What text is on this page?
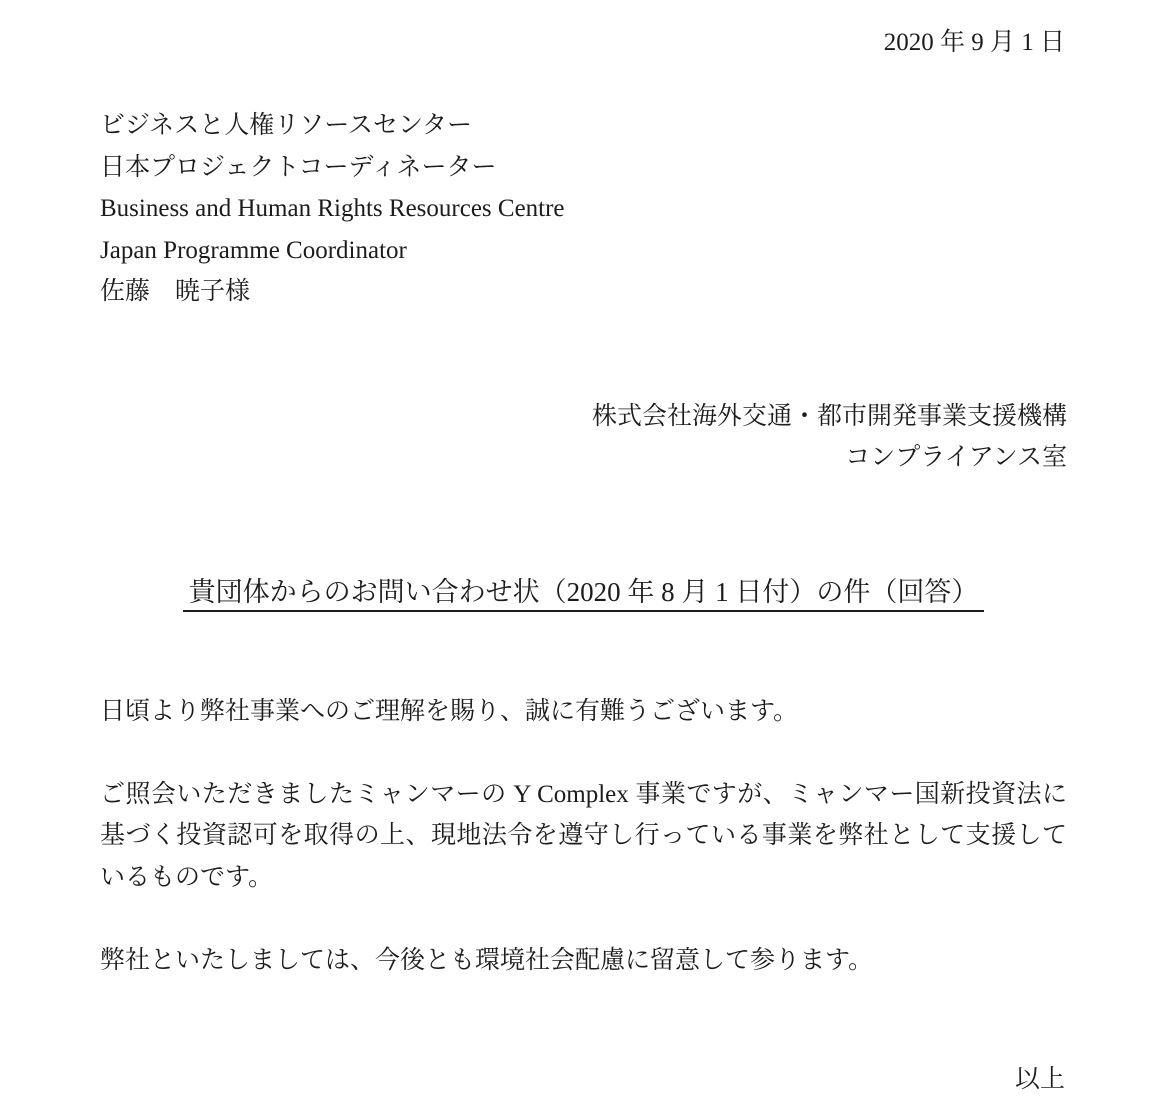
2020 年 9 月 1 日
ビジネスと人権リソースセンター
日本プロジェクトコーディネーター
Business and Human Rights Resources Centre
Japan Programme Coordinator
佐藤　暁子様
株式会社海外交通・都市開発事業支援機構
コンプライアンス室
貴団体からのお問い合わせ状（2020 年 8 月 1 日付）の件（回答）
日頃より弊社事業へのご理解を賜り、誠に有難うございます。
ご照会いただきましたミャンマーの Y Complex 事業ですが、ミャンマー国新投資法に基づく投資認可を取得の上、現地法令を遵守し行っている事業を弊社として支援しているものです。
弊社といたしましては、今後とも環境社会配慮に留意して参ります。
以上
